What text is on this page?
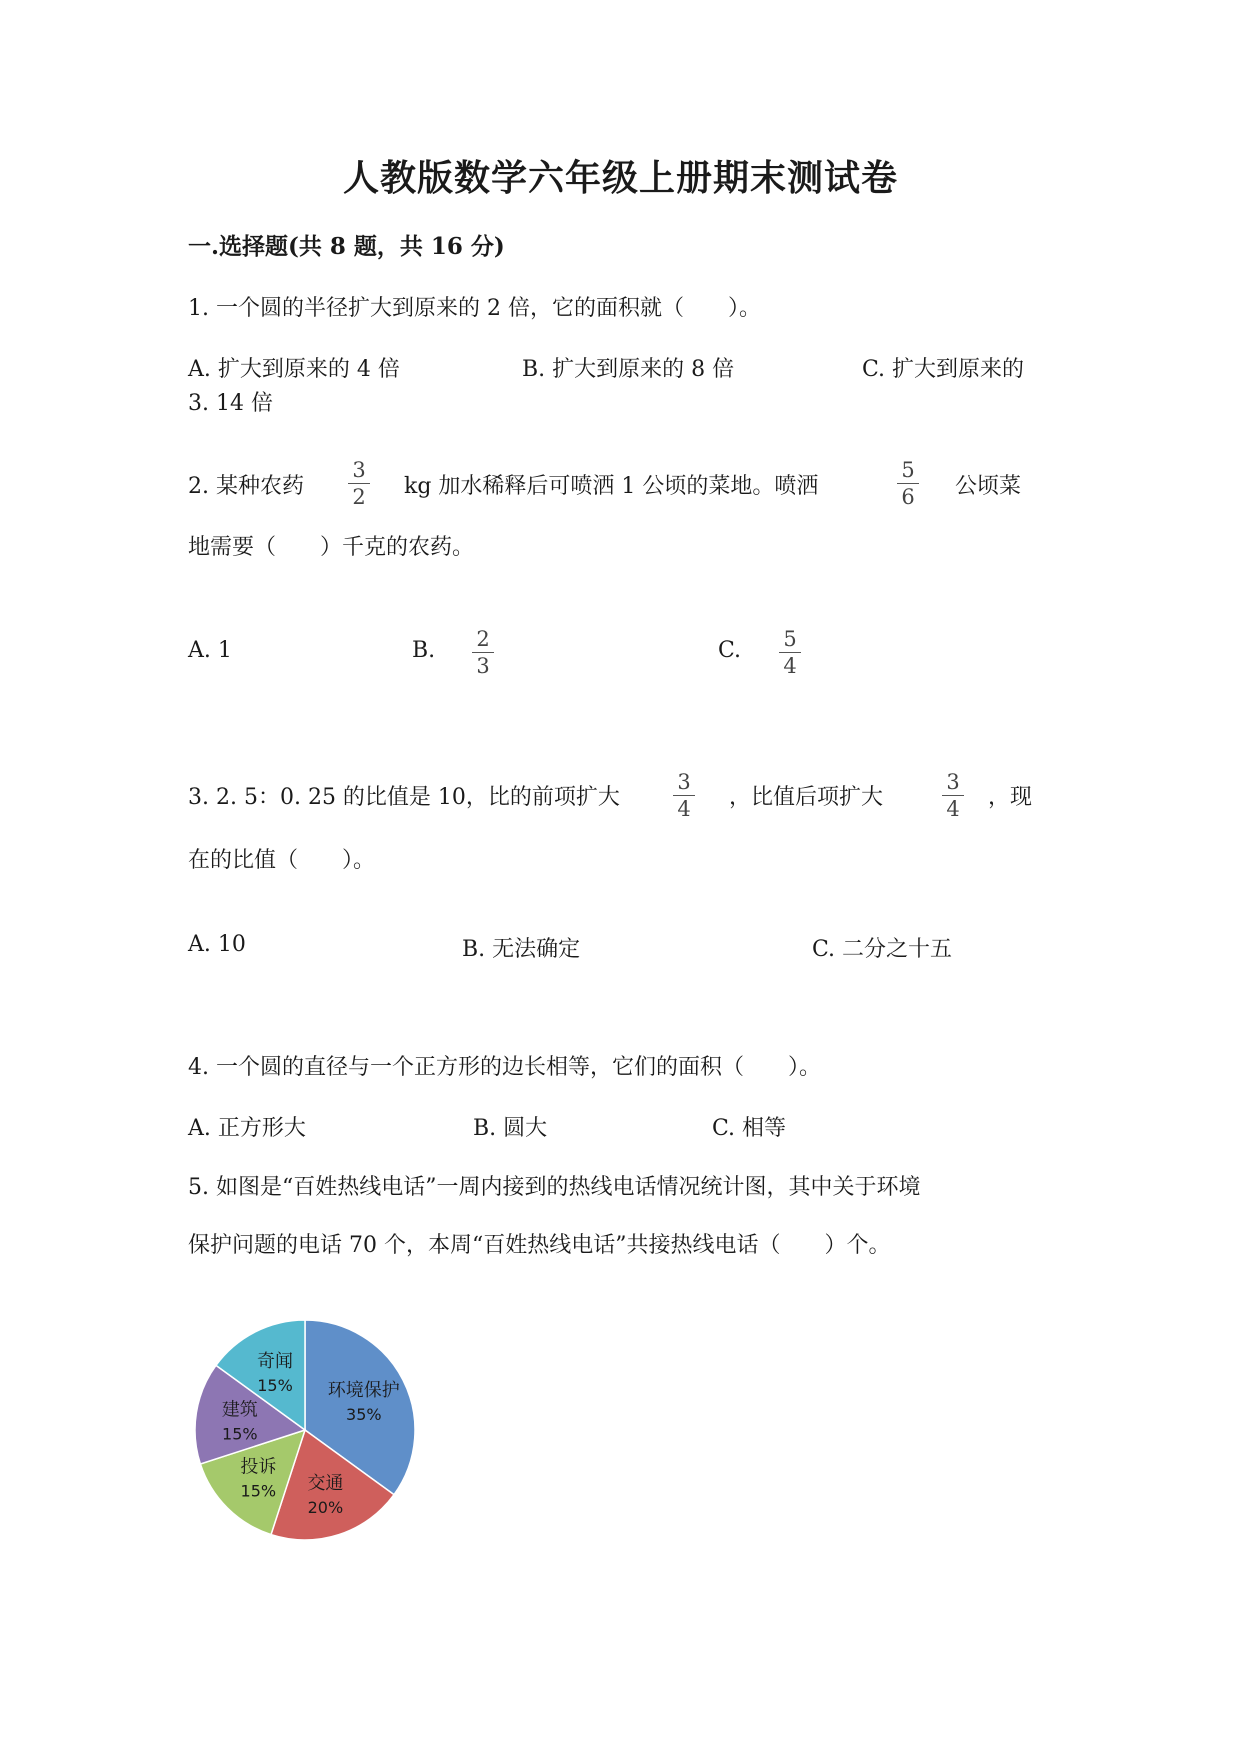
人教版数学六年级上册期末测试卷
一.选择题(共 8 题，共 16 分)
1. 一个圆的半径扩大到原来的 2 倍，它的面积就（　　）。
A. 扩大到原来的 4 倍	B. 扩大到原来的 8 倍	C. 扩大到原来的
3. 14 倍
2. 某种农药
3
2	kg 加水稀释后可喷洒 1 公顷的菜地。喷洒
5
6	公顷菜
地需要（　　）千克的农药。
A. 1	B.	2
3
C.	5
4
3. 2. 5：0. 25 的比值是 10，比的前项扩大
3
4	，比值后项扩大
3
4	，现
在的比值（　　）。
A. 10	B. 无法确定	C. 二分之十五
4. 一个圆的直径与一个正方形的边长相等，它们的面积（　　）。
A. 正方形大	B. 圆大	C. 相等
5. 如图是“百姓热线电话”一周内接到的热线电话情况统计图，其中关于环境
保护问题的电话 70 个，本周“百姓热线电话”共接热线电话（　　）个。
环境保护
35%
交通
20%
投诉
15%
建筑
15%
奇闻
15%
